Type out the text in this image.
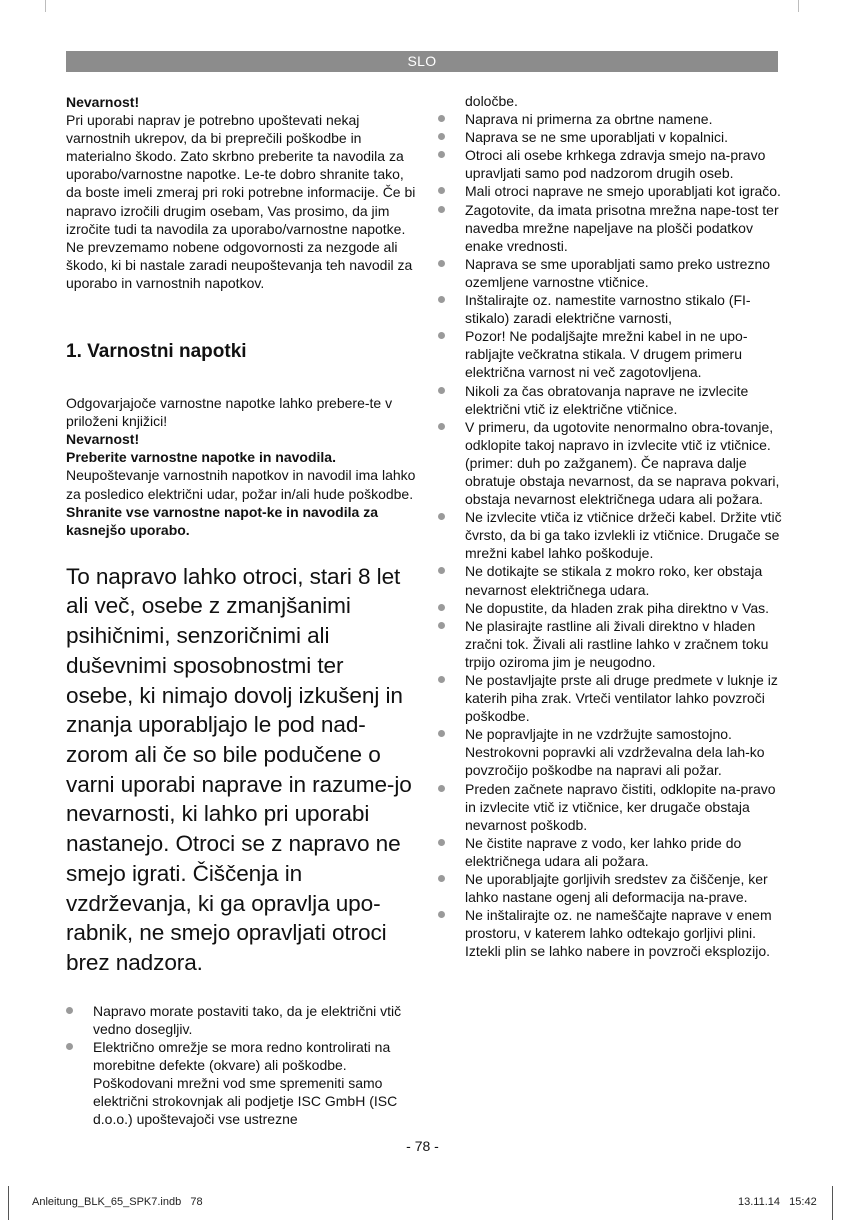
SLO

Nevarnost!

Pri uporabi naprav je potrebno upoštevati nekaj varnostnih ukrepov, da bi preprečili poškodbe in materialno škodo. Zato skrbno preberite ta navodila za uporabo/varnostne napotke. Le-te dobro shranite tako, da boste imeli zmeraj pri roki potrebne informacije. Če bi napravo izročili drugim osebam, Vas prosimo, da jim izročite tudi ta navodila za uporabo/varnostne napotke. Ne prevzemamo nobene odgovornosti za nezgode ali škodo, ki bi nastale zaradi neupoštevanja teh navodil za uporabo in varnostnih napotkov.

1. Varnostni napotki

Odgovarjajoče varnostne napotke lahko prebere-te v priloženi knjižici!

Nevarnost!

Preberite varnostne napotke in navodila.

Neupoštevanje varnostnih napotkov in navodil ima lahko za posledico električni udar, požar in/ali hude poškodbe. Shranite vse varnostne napot-ke in navodila za kasnejšo uporabo.

To napravo lahko otroci, stari 8 let ali več, osebe z zmanjšanimi psihičnimi, senzoričnimi ali duševnimi sposobnostmi ter osebe, ki nimajo dovolj izkušenj in znanja uporabljajo le pod nad-zorom ali če so bile podučene o varni uporabi naprave in razume-jo nevarnosti, ki lahko pri uporabi nastanejo. Otroci se z napravo ne smejo igrati. Čiščenja in vzdrževanja, ki ga opravlja upo-rabnik, ne smejo opravljati otroci brez nadzora.

Napravo morate postaviti tako, da je električni vtič vedno dosegljiv.
Električno omrežje se mora redno kontrolirati na morebitne defekte (okvare) ali poškodbe. Poškodovani mrežni vod sme spremeniti samo električni strokovnjak ali podjetje ISC GmbH (ISC d.o.o.) upoštevajoči vse ustrezne

določbe.

Naprava ni primerna za obrtne namene.
Naprava se ne sme uporabljati v kopalnici.
Otroci ali osebe krhkega zdravja smejo na-pravo upravljati samo pod nadzorom drugih oseb.
Mali otroci naprave ne smejo uporabljati kot igračo.
Zagotovite, da imata prisotna mrežna nape-tost ter navedba mrežne napeljave na plošči podatkov enake vrednosti.
Naprava se sme uporabljati samo preko ustrezno ozemljene varnostne vtičnice.
Inštalirajte oz. namestite varnostno stikalo (FI-stikalo) zaradi električne varnosti,
Pozor! Ne podaljšajte mrežni kabel in ne upo-rabljajte večkratna stikala. V drugem primeru električna varnost ni več zagotovljena.
Nikoli za čas obratovanja naprave ne izvlecite električni vtič iz električne vtičnice.
V primeru, da ugotovite nenormalno obra-tovanje, odklopite takoj napravo in izvlecite vtič iz vtičnice. (primer: duh po zažganem). Če naprava dalje obratuje obstaja nevarnost, da se naprava pokvari, obstaja nevarnost električnega udara ali požara.
Ne izvlecite vtiča iz vtičnice držeči kabel. Držite vtič čvrsto, da bi ga tako izvlekli iz vtičnice. Drugače se mrežni kabel lahko poškoduje.
Ne dotikajte se stikala z mokro roko, ker obstaja nevarnost električnega udara.
Ne dopustite, da hladen zrak piha direktno v Vas.
Ne plasirajte rastline ali živali direktno v hladen zračni tok. Živali ali rastline lahko v zračnem toku trpijo oziroma jim je neugodno.
Ne postavljajte prste ali druge predmete v luknje iz katerih piha zrak. Vrteči ventilator lahko povzroči poškodbe.
Ne popravljajte in ne vzdržujte samostojno. Nestrokovni popravki ali vzdrževalna dela lah-ko povzročijo poškodbe na napravi ali požar.
Preden začnete napravo čistiti, odklopite na-pravo in izvlecite vtič iz vtičnice, ker drugače obstaja nevarnost poškodb.
Ne čistite naprave z vodo, ker lahko pride do električnega udara ali požara.
Ne uporabljajte gorljivih sredstev za čiščenje, ker lahko nastane ogenj ali deformacija na-prave.
Ne inštalirajte oz. ne nameščajte naprave v enem prostoru, v katerem lahko odtekajo gorljivi plini. Iztekli plin se lahko nabere in povzroči eksplozijo.
- 78 -
Anleitung_BLK_65_SPK7.indb   78	13.11.14   15:42
